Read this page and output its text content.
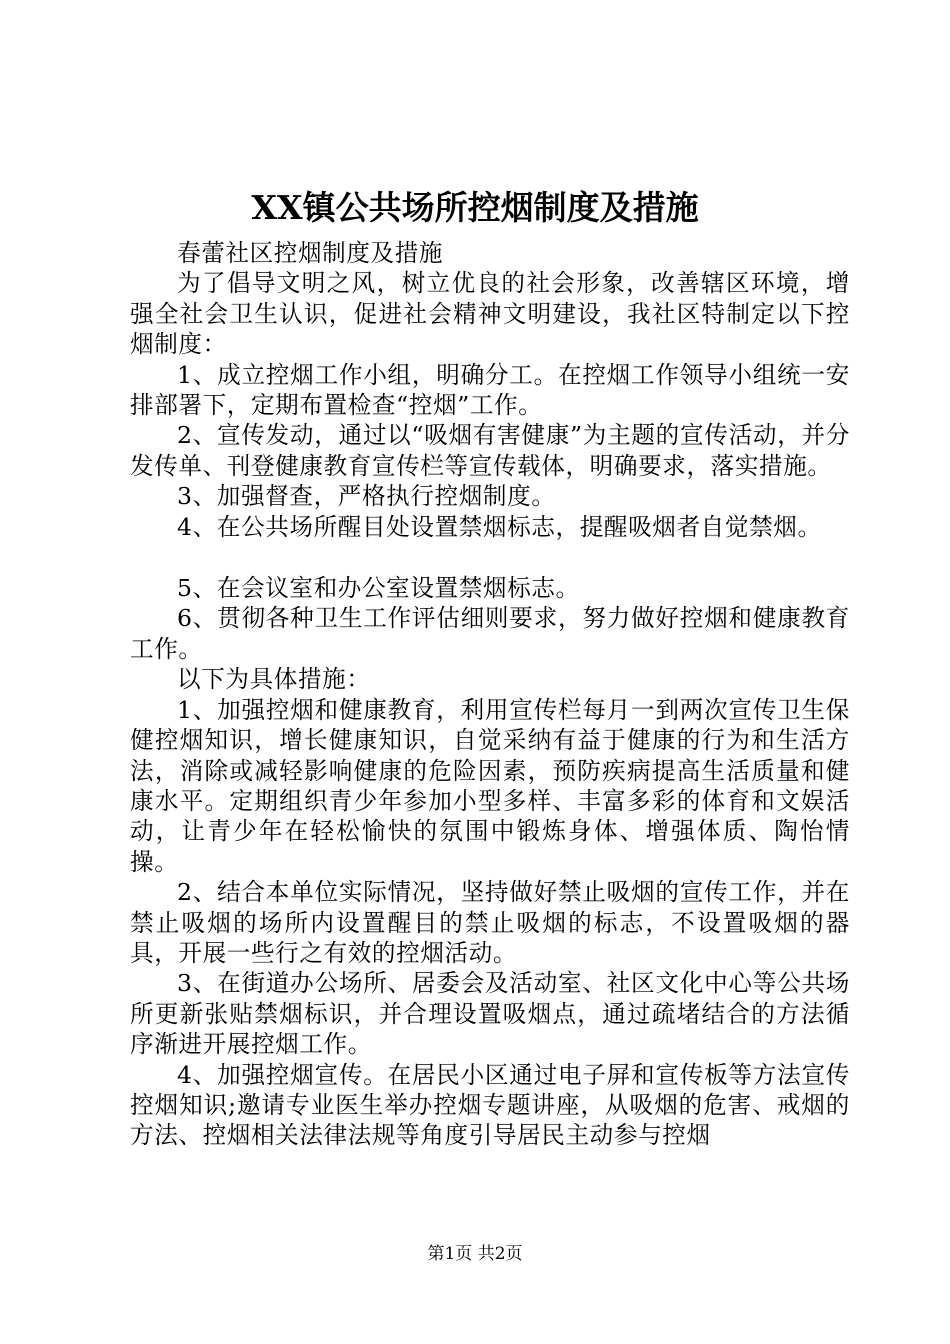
XX镇公共场所控烟制度及措施

春蕾社区控烟制度及措施

为了倡导文明之风，树立优良的社会形象，改善辖区环境，增强全社会卫生认识，促进社会精神文明建设，我社区特制定以下控烟制度：

1、成立控烟工作小组，明确分工。在控烟工作领导小组统一安排部署下，定期布置检查“控烟”工作。

2、宣传发动，通过以“吸烟有害健康”为主题的宣传活动，并分发传单、刊登健康教育宣传栏等宣传载体，明确要求，落实措施。

3、加强督查，严格执行控烟制度。

4、在公共场所醒目处设置禁烟标志，提醒吸烟者自觉禁烟。

5、在会议室和办公室设置禁烟标志。

6、贯彻各种卫生工作评估细则要求，努力做好控烟和健康教育工作。

以下为具体措施：

1、加强控烟和健康教育，利用宣传栏每月一到两次宣传卫生保健控烟知识，增长健康知识，自觉采纳有益于健康的行为和生活方法，消除或减轻影响健康的危险因素，预防疾病提高生活质量和健康水平。定期组织青少年参加小型多样、丰富多彩的体育和文娱活动，让青少年在轻松愉快的氛围中锻炼身体、增强体质、陶怡情操。

2、结合本单位实际情况，坚持做好禁止吸烟的宣传工作，并在禁止吸烟的场所内设置醒目的禁止吸烟的标志，不设置吸烟的器具，开展一些行之有效的控烟活动。

3、在街道办公场所、居委会及活动室、社区文化中心等公共场所更新张贴禁烟标识，并合理设置吸烟点，通过疏堵结合的方法循序渐进开展控烟工作。

4、加强控烟宣传。在居民小区通过电子屏和宣传板等方法宣传控烟知识;邀请专业医生举办控烟专题讲座，从吸烟的危害、戒烟的方法、控烟相关法律法规等角度引导居民主动参与控烟

第1页 共2页
